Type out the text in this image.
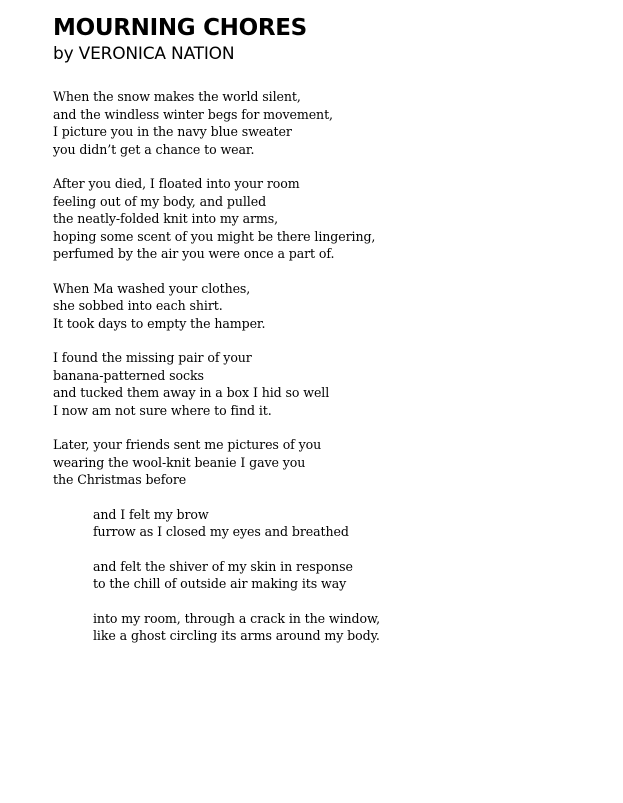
MOURNING CHORES
by VERONICA NATION
When the snow makes the world silent,
and the windless winter begs for movement,
I picture you in the navy blue sweater
you didn’t get a chance to wear.
After you died, I floated into your room
feeling out of my body, and pulled
the neatly-folded knit into my arms,
hoping some scent of you might be there lingering,
perfumed by the air you were once a part of.
When Ma washed your clothes,
she sobbed into each shirt.
It took days to empty the hamper.
I found the missing pair of your
banana-patterned socks
and tucked them away in a box I hid so well
I now am not sure where to find it.
Later, your friends sent me pictures of you
wearing the wool-knit beanie I gave you
the Christmas before
and I felt my brow
furrow as I closed my eyes and breathed
and felt the shiver of my skin in response
to the chill of outside air making its way
into my room, through a crack in the window,
like a ghost circling its arms around my body.
